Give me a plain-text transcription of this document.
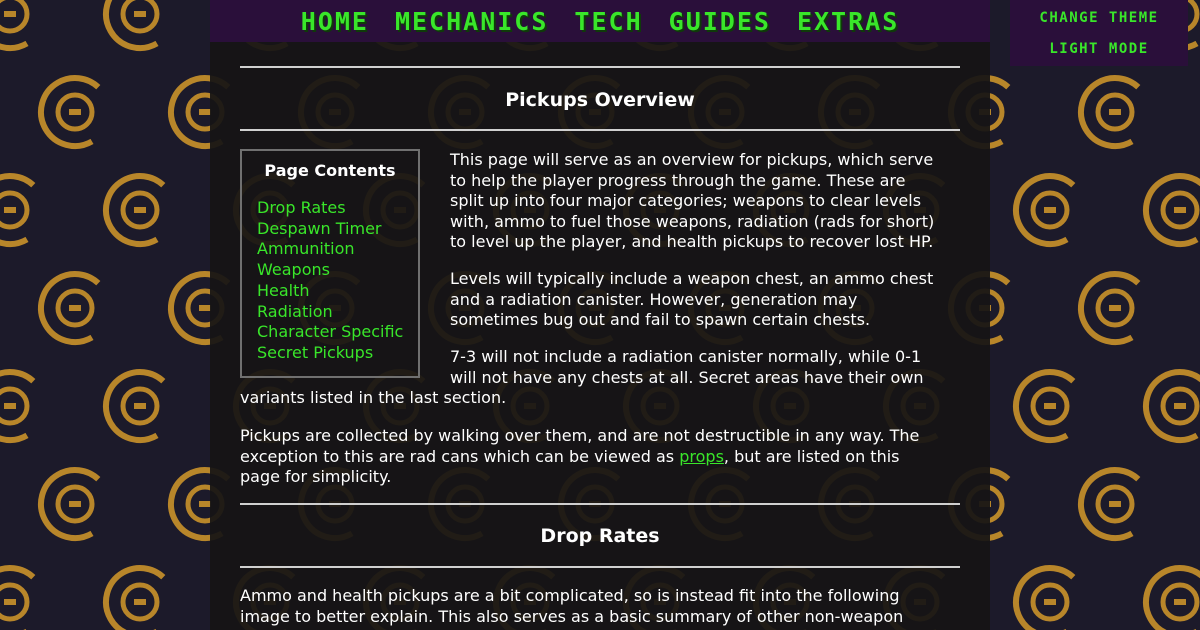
HOME MECHANICS TECH GUIDES EXTRAS	CHANGE THEME
LIGHT MODE
Pickups Overview
Page Contents
Drop Rates
Despawn Timer
Ammunition
Weapons
Health
Radiation
Character Specific
Secret Pickups

This page will serve as an overview for pickups, which serve
to help the player progress through the game. These are
split up into four major categories; weapons to clear levels
with, ammo to fuel those weapons, radiation (rads for short)
to level up the player, and health pickups to recover lost HP.

Levels will typically include a weapon chest, an ammo chest
and a radiation canister. However, generation may
sometimes bug out and fail to spawn certain chests.

7-3 will not include a radiation canister normally, while 0-1
will not have any chests at all. Secret areas have their own

variants listed in the last section.

Pickups are collected by walking over them, and are not destructible in any way. The
exception to this are rad cans which can be viewed as props, but are listed on this
page for simplicity.

Drop Rates

Ammo and health pickups are a bit complicated, so is instead fit into the following
image to better explain. This also serves as a basic summary of other non-weapon
